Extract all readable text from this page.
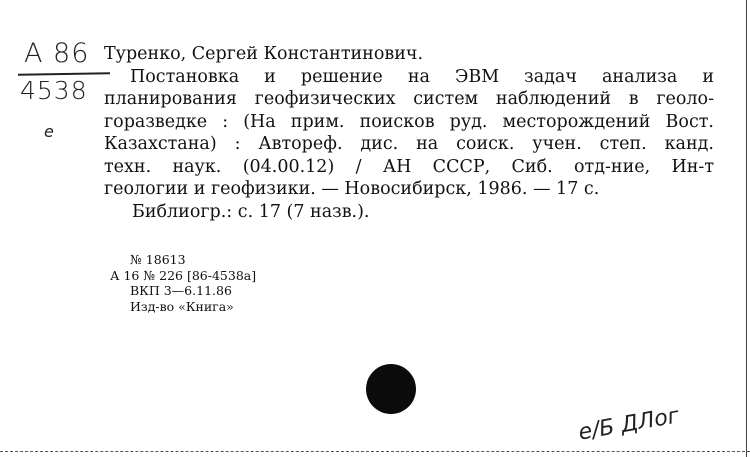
А 86
4538
е
Туренко, Сергей Константинович.
Постановка и решение на ЭВМ задач анализа и
планирования геофизических систем наблюдений в геоло-
горазведке : (На прим. поисков руд. месторождений Вост.
Казахстана) : Автореф. дис. на соиск. учен. степ. канд.
техн. наук. (04.00.12) / АН СССР, Сиб. отд-ние, Ин-т
геологии и геофизики. — Новосибирск, 1986. — 17 с.
Библиогр.: с. 17 (7 назв.).
№ 18613
А 16 № 226 [86-4538а]
ВКП 3—6.11.86
Изд-во «Книга»
е/Б ДЛог
